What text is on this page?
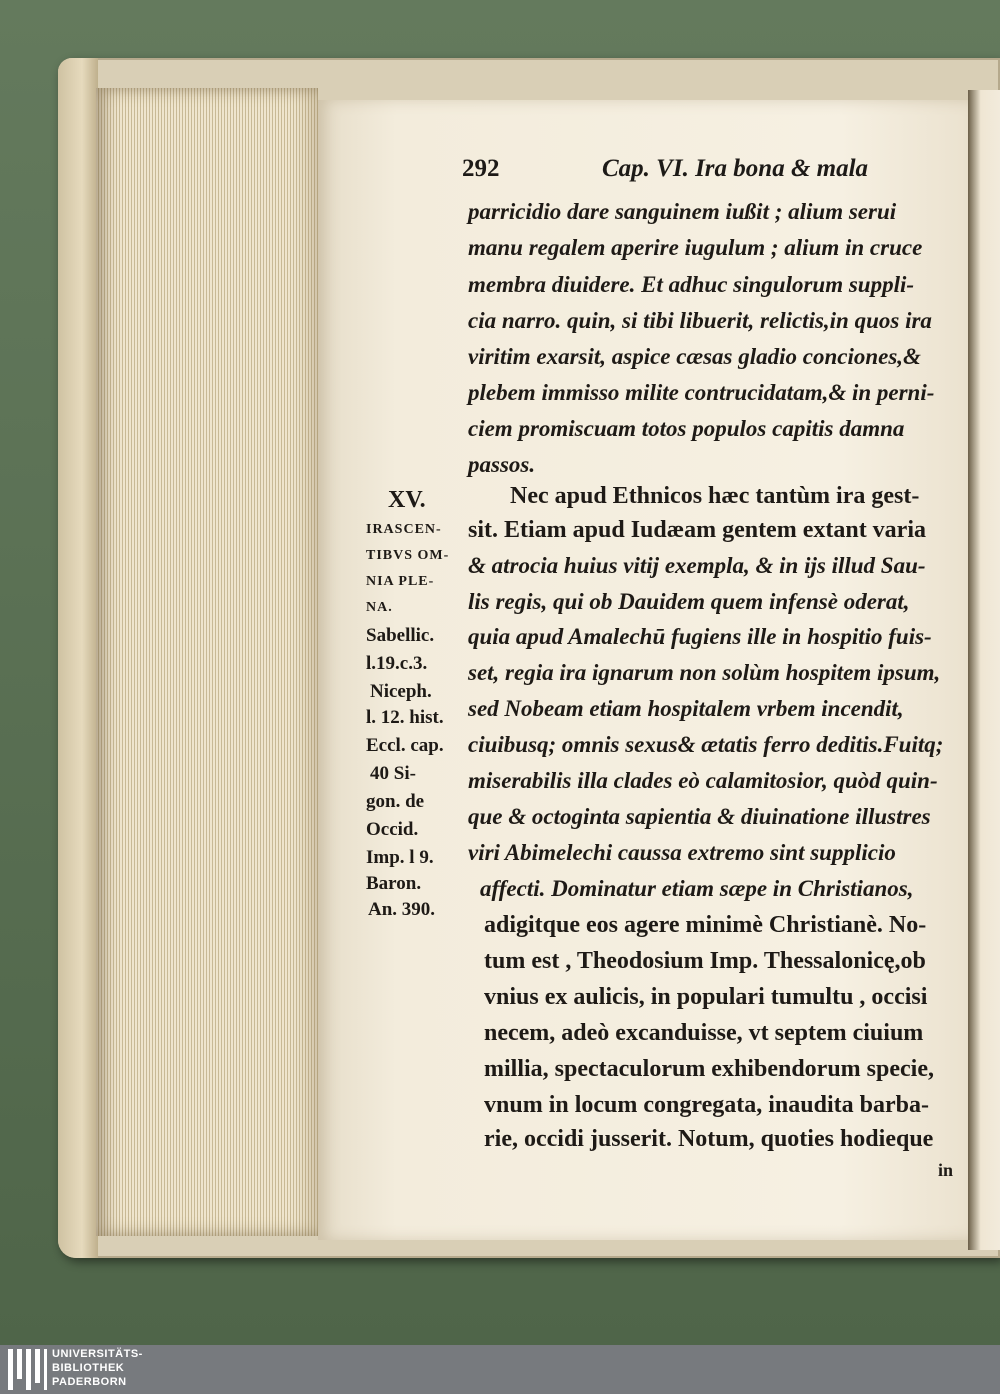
292	Cap. VI. Ira bona & mala
parricidio dare sanguinem iußit ; alium serui
manu regalem aperire iugulum ; alium in cruce
membra diuidere. Et adhuc singulorum suppli-
cia narro. quin, si tibi libuerit, relictis,in quos ira
viritim exarsit, aspice cæsas gladio conciones,&
plebem immisso milite contrucidatam,& in perni-
ciem promiscuam totos populos capitis damna
passos.
Nec apud Ethnicos hæc tantùm ira gest-
sit. Etiam apud Iudæam gentem extant varia
& atrocia huius vitij exempla, & in ijs illud Sau-
lis regis, qui ob Dauidem quem infensè oderat,
quia apud Amalechū fugiens ille in hospitio fuis-
set, regia ira ignarum non solùm hospitem ipsum,
sed Nobeam etiam hospitalem vrbem incendit,
ciuibusq; omnis sexus& ætatis ferro deditis.Fuitq;
miserabilis illa clades eò calamitosior, quòd quin-
que & octoginta sapientia & diuinatione illustres
viri Abimelechi caussa extremo sint supplicio
affecti. Dominatur etiam sæpe in Christianos,
adigitque eos agere minimè Christianè. No-
tum est , Theodosium Imp. Thessalonicę,ob
vnius ex aulicis, in populari tumultu , occisi
necem, adeò excanduisse, vt septem ciuium
millia, spectaculorum exhibendorum specie,
vnum in locum congregata, inaudita barba-
rie, occidi jusserit. Notum, quoties hodieque
in
XV.
IRASCEN-
TIBVS OM-
NIA PLE-
NA.
Sabellic.
l.19.c.3.
Niceph.
l. 12. hist.
Eccl. cap.
40 Si-
gon. de
Occid.
Imp. l 9.
Baron.
An. 390.
UNIVERSITÄTS-
BIBLIOTHEK
PADERBORN
